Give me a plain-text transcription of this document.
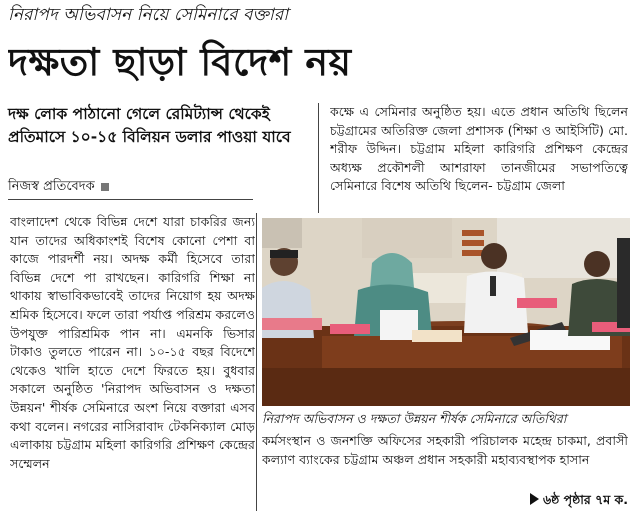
নিরাপদ অভিবাসন নিয়ে সেমিনারে বক্তারা
দক্ষতা ছাড়া বিদেশ নয়
দক্ষ লোক পাঠানো গেলে রেমিট্যান্স থেকেই প্রতিমাসে ১০-১৫ বিলিয়ন ডলার পাওয়া যাবে
নিজস্ব প্রতিবেদক
বাংলাদেশ থেকে বিভিন্ন দেশে যারা চাকরির জন্য যান তাদের অধিকাংশই বিশেষ কোনো পেশা বা কাজে পারদর্শী নয়। অদক্ষ কর্মী হিসেবে তারা বিভিন্ন দেশে পা রাখছেন। কারিগরি শিক্ষা না থাকায় স্বাভাবিকভাবেই তাদের নিয়োগ হয় অদক্ষ শ্রমিক হিসেবে। ফলে তারা পর্যাপ্ত পরিশ্রম করলেও উপযুক্ত পারিশ্রমিক পান না। এমনকি ভিসার টাকাও তুলতে পারেন না। ১০-১৫ বছর বিদেশে থেকেও খালি হাতে দেশে ফিরতে হয়। বুধবার সকালে অনুষ্ঠিত 'নিরাপদ অভিবাসন ও দক্ষতা উন্নয়ন' শীর্ষক সেমিনারে অংশ নিয়ে বক্তারা এসব কথা বলেন। নগরের নাসিরাবাদ টেকনিক্যাল মোড় এলাকায় চট্টগ্রাম মহিলা কারিগরি প্রশিক্ষণ কেন্দ্রের সম্মেলন
কক্ষে এ সেমিনার অনুষ্ঠিত হয়। এতে প্রধান অতিথি ছিলেন চট্টগ্রামের অতিরিক্ত জেলা প্রশাসক (শিক্ষা ও আইসিটি) মো. শরীফ উদ্দিন। চট্টগ্রাম মহিলা কারিগরি প্রশিক্ষণ কেন্দ্রের অধ্যক্ষ প্রকৌশলী আশরাফা তানজীমের সভাপতিত্বে সেমিনারে বিশেষ অতিথি ছিলেন- চট্টগ্রাম জেলা
নিরাপদ অভিবাসন ও দক্ষতা উন্নয়ন শীর্ষক সেমিনারে অতিথিরা
কর্মসংস্থান ও জনশক্তি অফিসের সহকারী পরিচালক মহেন্দ্র চাকমা, প্রবাসী কল্যাণ ব্যাংকের চট্টগ্রাম অঞ্চল প্রধান সহকারী মহাব্যবস্থাপক হাসান
৬ষ্ঠ পৃষ্ঠার ৭ম ক.
